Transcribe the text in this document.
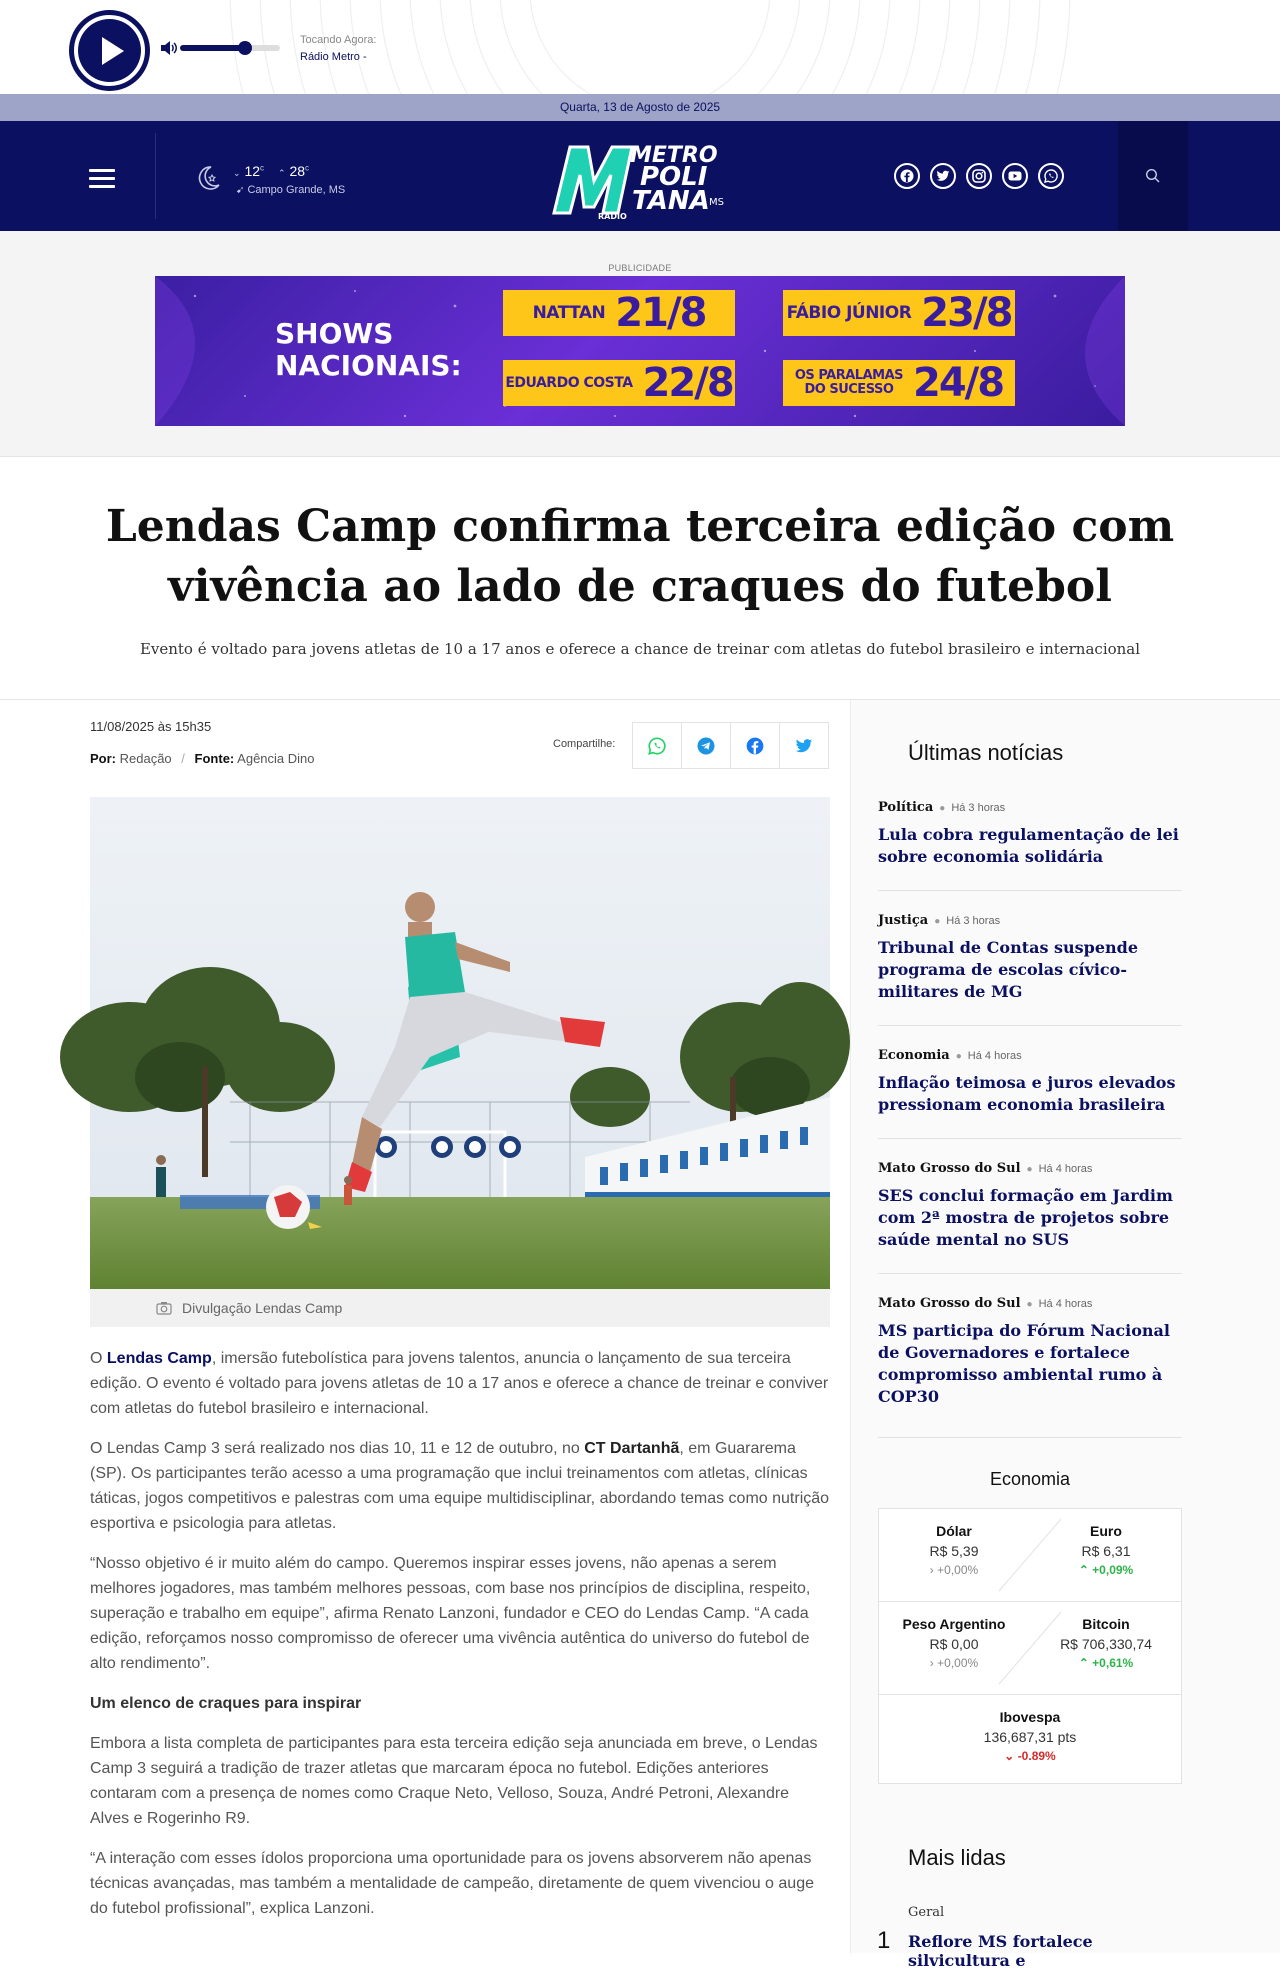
Tocando Agora:
Rádio Metro -
Quarta, 13 de Agosto de 2025
⌄ 12$^c$
⌃ 28$^c$
➹ Campo Grande, MS
METRO
POLI
TANA MS
RÁDIO
PUBLICIDADE
SHOWS
NACIONAIS:
NATTAN 21/8	FÁBIO JÚNIOR 23/8
EDUARDO COSTA 22/8	OS PARALAMAS
DO SUCESSO 24/8
Lendas Camp confirma terceira edição com vivência ao lado de craques do futebol
Evento é voltado para jovens atletas de 10 a 17 anos e oferece a chance de treinar com atletas do futebol brasileiro e internacional
11/08/2025 às 15h35
Por: Redação / Fonte: Agência Dino
Compartilhe:
Divulgação Lendas Camp

O Lendas Camp, imersão futebolística para jovens talentos, anuncia o lançamento de sua terceira edição. O evento é voltado para jovens atletas de 10 a 17 anos e oferece a chance de treinar e conviver com atletas do futebol brasileiro e internacional.

O Lendas Camp 3 será realizado nos dias 10, 11 e 12 de outubro, no CT Dartanhã, em Guararema (SP). Os participantes terão acesso a uma programação que inclui treinamentos com atletas, clínicas táticas, jogos competitivos e palestras com uma equipe multidisciplinar, abordando temas como nutrição esportiva e psicologia para atletas.

“Nosso objetivo é ir muito além do campo. Queremos inspirar esses jovens, não apenas a serem melhores jogadores, mas também melhores pessoas, com base nos princípios de disciplina, respeito, superação e trabalho em equipe”, afirma Renato Lanzoni, fundador e CEO do Lendas Camp. “A cada edição, reforçamos nosso compromisso de oferecer uma vivência autêntica do universo do futebol de alto rendimento”.

Um elenco de craques para inspirar

Embora a lista completa de participantes para esta terceira edição seja anunciada em breve, o Lendas Camp 3 seguirá a tradição de trazer atletas que marcaram época no futebol. Edições anteriores contaram com a presença de nomes como Craque Neto, Velloso, Souza, André Petroni, Alexandre Alves e Rogerinho R9.

“A interação com esses ídolos proporciona uma oportunidade para os jovens absorverem não apenas técnicas avançadas, mas também a mentalidade de campeão, diretamente de quem vivenciou o auge do futebol profissional”, explica Lanzoni.

Últimas notícias
Política ● Há 3 horas
Lula cobra regulamentação de lei sobre economia solidária
Justiça ● Há 3 horas
Tribunal de Contas suspende programa de escolas cívico-militares de MG
Economia ● Há 4 horas
Inflação teimosa e juros elevados pressionam economia brasileira
Mato Grosso do Sul ● Há 4 horas
SES conclui formação em Jardim com 2ª mostra de projetos sobre saúde mental no SUS
Mato Grosso do Sul ● Há 4 horas
MS participa do Fórum Nacional de Governadores e fortalece compromisso ambiental rumo à COP30
Economia
Dólar
R$ 5,39
› +0,00%
Euro
R$ 6,31
⌃ +0,09%
Peso Argentino
R$ 0,00
› +0,00%
Bitcoin
R$ 706,330,74
⌃ +0,61%
Ibovespa
136,687,31 pts
⌄ -0.89%
Mais lidas
Geral
1 Reflore MS fortalece silvicultura e
